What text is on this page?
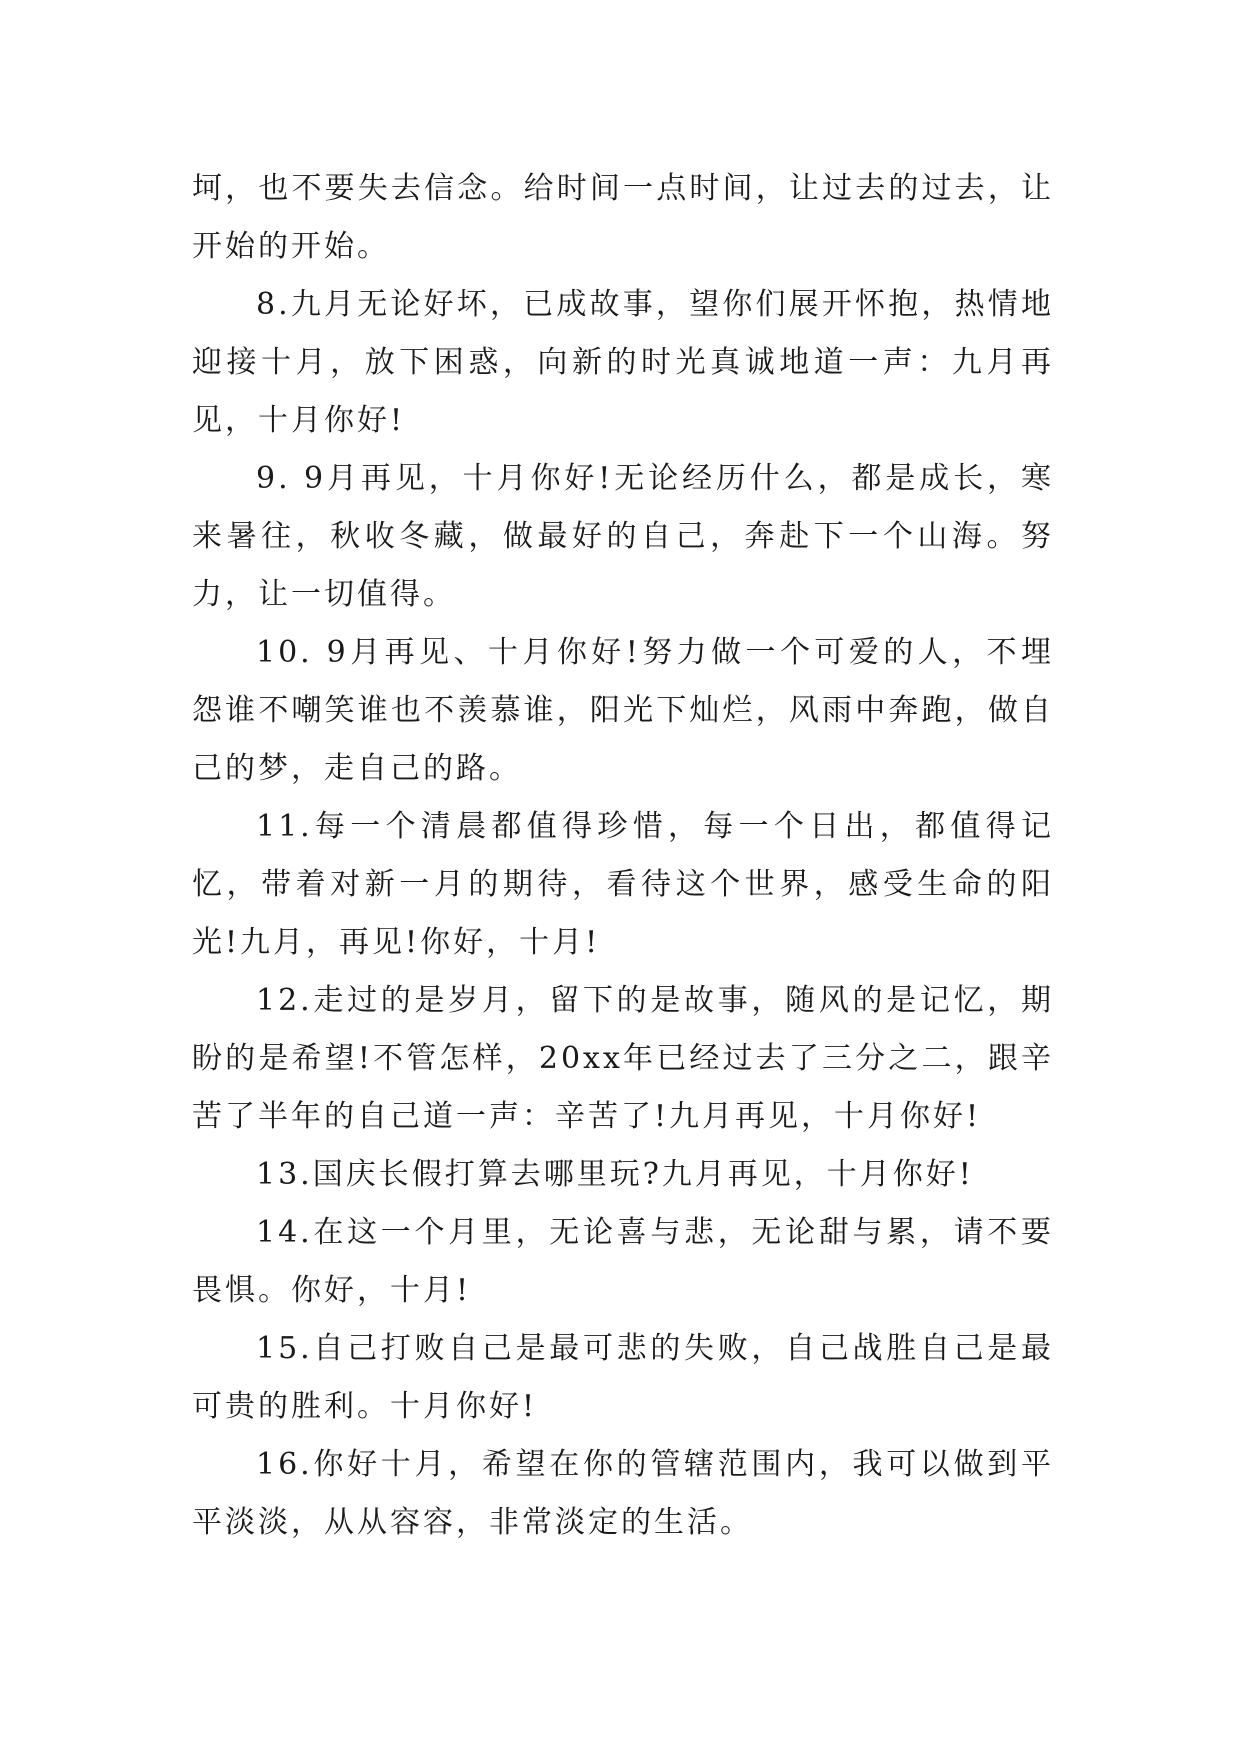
坷，也不要失去信念。给时间一点时间，让过去的过去，让开始的开始。

8.九月无论好坏，已成故事，望你们展开怀抱，热情地迎接十月，放下困惑，向新的时光真诚地道一声：九月再见，十月你好!

9. 9月再见，十月你好!无论经历什么，都是成长，寒来暑往，秋收冬藏，做最好的自己，奔赴下一个山海。努力，让一切值得。

10. 9月再见、十月你好!努力做一个可爱的人，不埋怨谁不嘲笑谁也不羡慕谁，阳光下灿烂，风雨中奔跑，做自己的梦，走自己的路。

11.每一个清晨都值得珍惜，每一个日出，都值得记忆，带着对新一月的期待，看待这个世界，感受生命的阳光!九月，再见!你好，十月!

12.走过的是岁月，留下的是故事，随风的是记忆，期盼的是希望!不管怎样，20xx年已经过去了三分之二，跟辛苦了半年的自己道一声：辛苦了!九月再见，十月你好!

13.国庆长假打算去哪里玩?九月再见，十月你好!

14.在这一个月里，无论喜与悲，无论甜与累，请不要畏惧。你好，十月!

15.自己打败自己是最可悲的失败，自己战胜自己是最可贵的胜利。十月你好!

16.你好十月，希望在你的管辖范围内，我可以做到平平淡淡，从从容容，非常淡定的生活。
